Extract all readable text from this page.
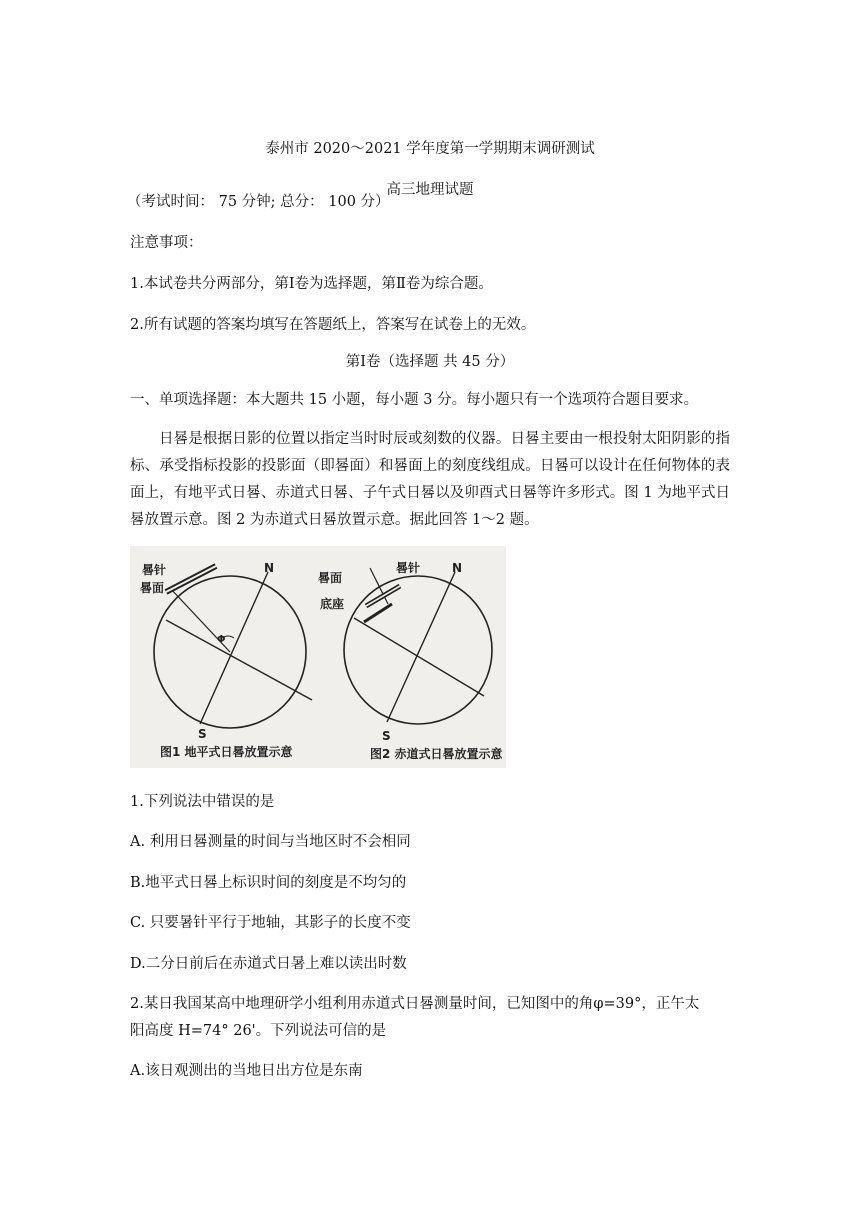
泰州市 2020～2021 学年度第一学期期末调研测试
高三地理试题
（考试时间： 75 分钟; 总分： 100 分）
注意事项：
1.本试卷共分两部分，第Ⅰ卷为选择题，第Ⅱ卷为综合题。
2.所有试题的答案均填写在答题纸上，答案写在试卷上的无效。
第Ⅰ卷（选择题 共 45 分）
一、单项选择题：本大题共 15 小题，每小题 3 分。每小题只有一个选项符合题目要求。
日晷是根据日影的位置以指定当时时辰或刻数的仪器。日晷主要由一根投射太阳阴影的指标、承受指标投影的投影面（即晷面）和晷面上的刻度线组成。日晷可以设计在任何物体的表面上，有地平式日晷、赤道式日晷、子午式日晷以及卯酉式日晷等许多形式。图 1 为地平式日晷放置示意。图 2 为赤道式日晷放置示意。据此回答 1～2 题。
晷针
晷面
N
S
Φ
图1 地平式日晷放置示意
晷面
晷针
底座
N
S
图2 赤道式日晷放置示意
1.下列说法中错误的是
A. 利用日晷测量的时间与当地区时不会相同
B.地平式日晷上标识时间的刻度是不均匀的
C. 只要暑针平行于地轴，其影子的长度不变
D.二分日前后在赤道式日暑上难以读出时数
2.某日我国某高中地理研学小组利用赤道式日晷测量时间，已知图中的角φ=39°，正午太
阳高度 H=74° 26'。下列说法可信的是
A.该日观测出的当地日出方位是东南
